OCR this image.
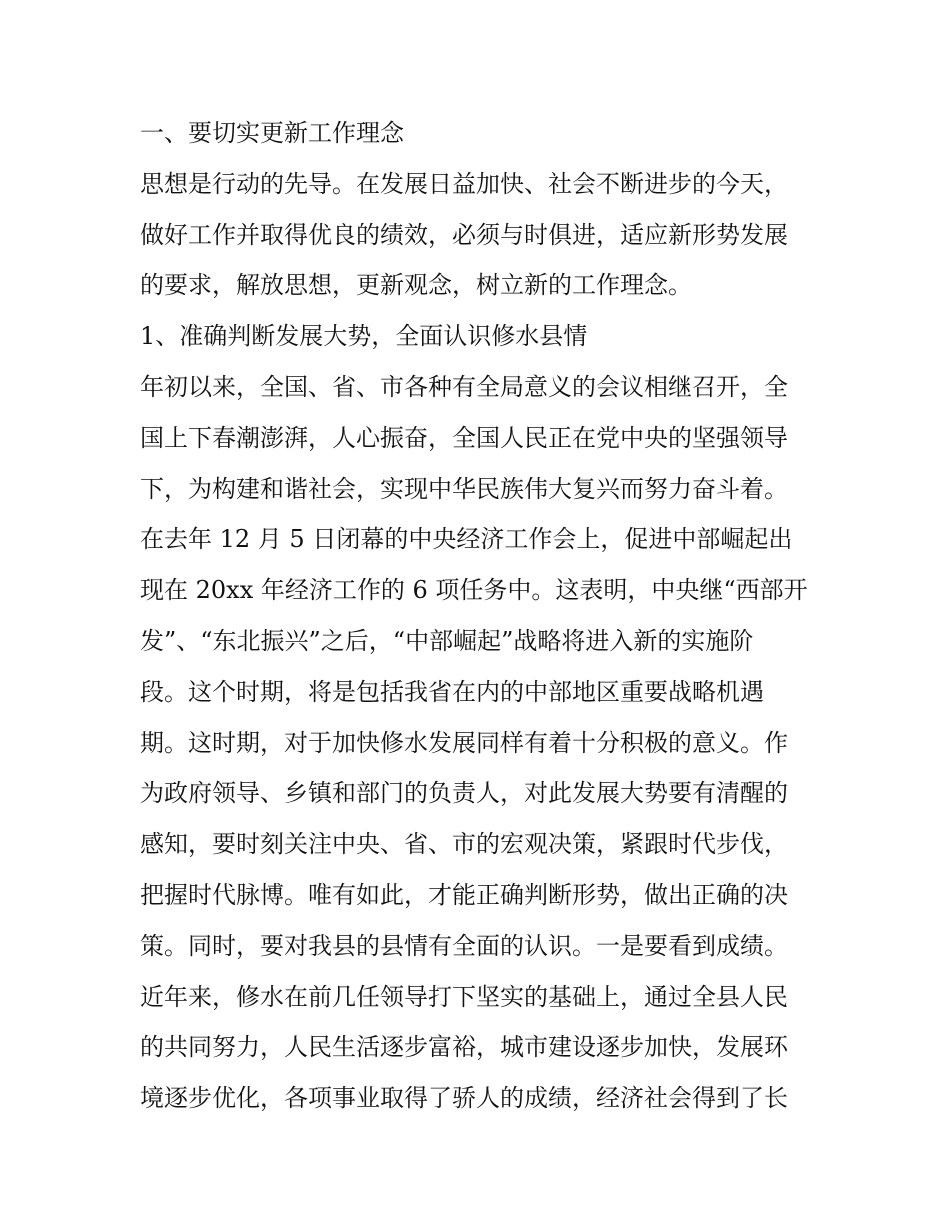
一、要切实更新工作理念
思想是行动的先导。在发展日益加快、社会不断进步的今天，
做好工作并取得优良的绩效，必须与时俱进，适应新形势发展
的要求，解放思想，更新观念，树立新的工作理念。
1、准确判断发展大势，全面认识修水县情
年初以来，全国、省、市各种有全局意义的会议相继召开，全
国上下春潮澎湃，人心振奋，全国人民正在党中央的坚强领导
下，为构建和谐社会，实现中华民族伟大复兴而努力奋斗着。
在去年 12 月 5 日闭幕的中央经济工作会上，促进中部崛起出
现在 20xx 年经济工作的 6 项任务中。这表明，中央继“西部开
发”、“东北振兴”之后，“中部崛起”战略将进入新的实施阶
段。这个时期，将是包括我省在内的中部地区重要战略机遇
期。这时期，对于加快修水发展同样有着十分积极的意义。作
为政府领导、乡镇和部门的负责人，对此发展大势要有清醒的
感知，要时刻关注中央、省、市的宏观决策，紧跟时代步伐，
把握时代脉博。唯有如此，才能正确判断形势，做出正确的决
策。同时，要对我县的县情有全面的认识。一是要看到成绩。
近年来，修水在前几任领导打下坚实的基础上，通过全县人民
的共同努力，人民生活逐步富裕，城市建设逐步加快，发展环
境逐步优化，各项事业取得了骄人的成绩，经济社会得到了长
